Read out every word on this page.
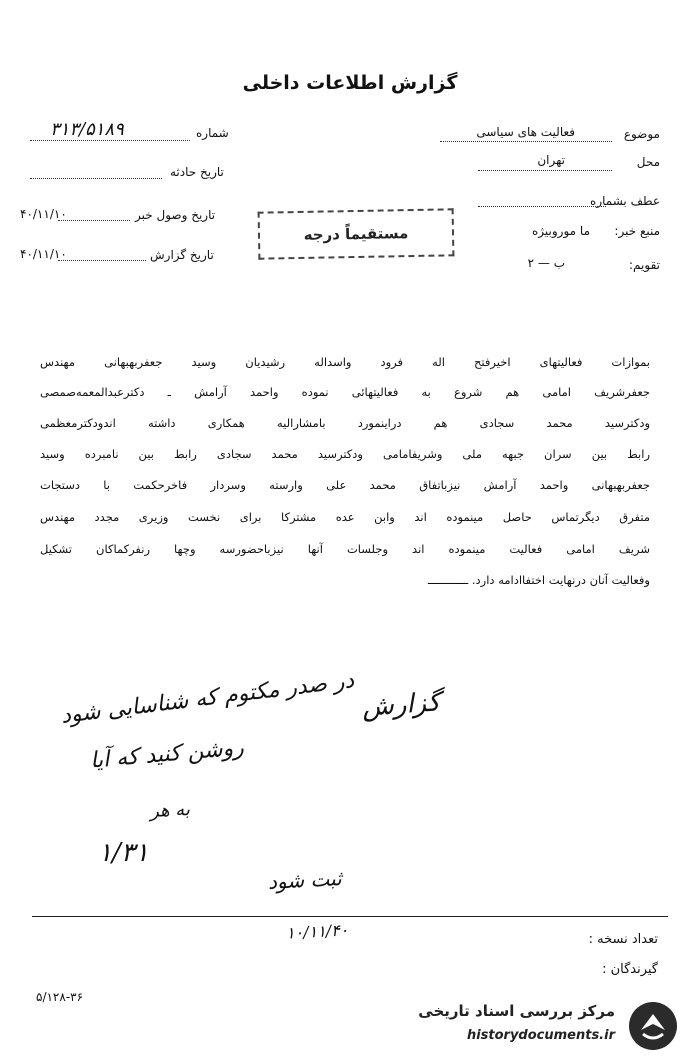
گزارش اطلاعات داخلی
موضوع
فعالیت های سیاسی
محل
تهران
عطف بشماره
منبع خبر:
ما موروبیژه
تقویم:
ب — ۲
شماره
۳۱۳/۵۱۸۹
تاریخ حادثه
تاریخ وصول خبر
۴۰/۱۱/۱۰
تاریخ گزارش
۴۰/۱۱/۱۰
مستقیماً درجه
بموازات فعالیتهای اخیرفتح اله فرود واسداله رشیدیان وسید جعفربهبهانی مهندس
جعفرشریف امامی هم شروع به فعالیتهائی نموده واحمد آرامش ـ دکترعبدالمعمه‌صمصی
ودکترسید محمد سجادی هم دراینمورد بامشارالیه همکاری داشته اندودکترمعظمی
رابط بین سران جبهه ملی وشریفامامی ودکترسید محمد سجادی رابط بین نامبرده وسید
جعفربهبهانی واحمد آرامش نیزباتفاق محمد علی وارسته وسردار فاخرحکمت با دستجات
متفرق دیگرتماس حاصل مینموده اند وابن عده مشترکا برای نخست وزیری مجدد مهندس
شریف امامی فعالیت مینموده اند وجلسات آنها نیزباحضورسه وچها رنفرکماکان تشکیل
وفعالیت آنان درنهایت اختفاادامه دارد. ــــــــــــ
در صدر مکتوم که شناسایی شود
روشن کنید که آیا
به هر
۱/۳۱
گزارش
ثبت شود
۱۰/۱۱/۴۰	تعداد نسخه :
گیرندگان :
۵/۱۲۸-۳۶
مرکز بررسی اسناد تاریخی
historydocuments.ir
